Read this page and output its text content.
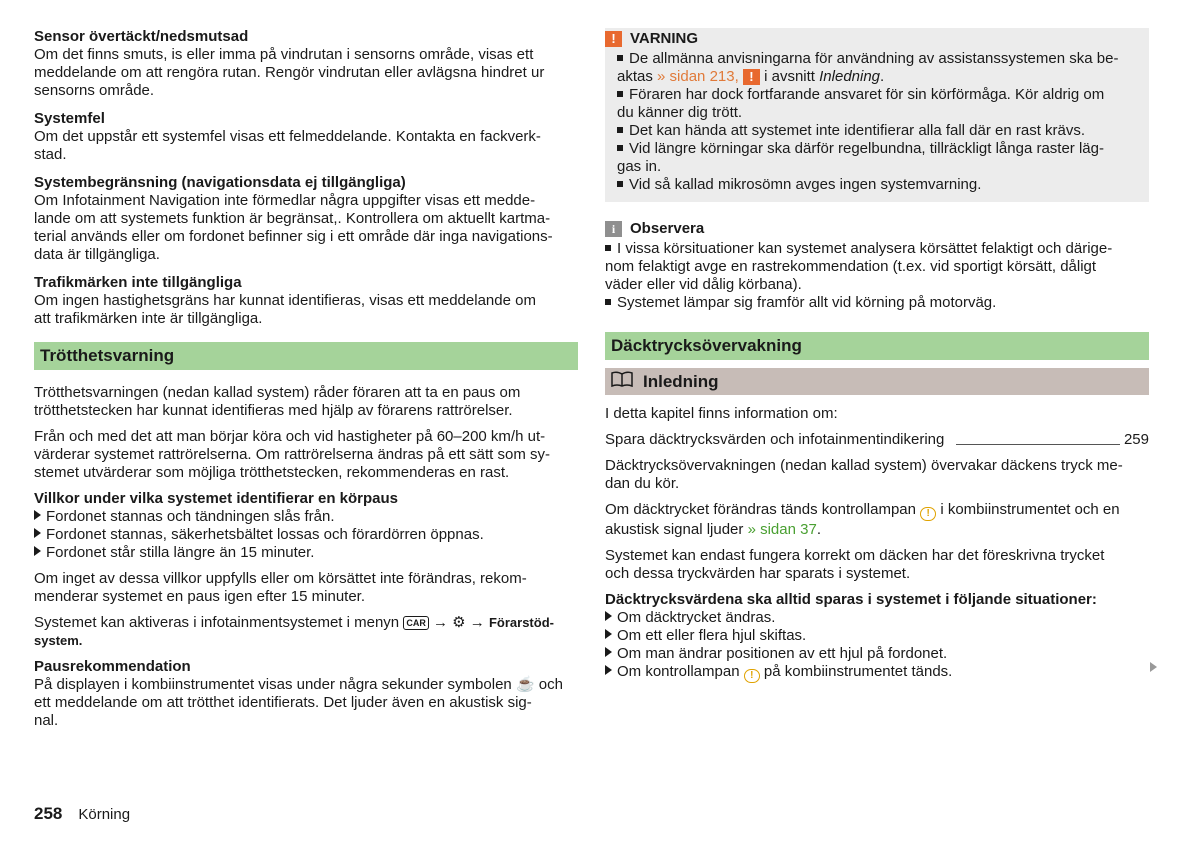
Sensor övertäckt/nedsmutsad

Om det finns smuts, is eller imma på vindrutan i sensorns område, visas ett

meddelande om att rengöra rutan. Rengör vindrutan eller avlägsna hindret ur

sensorns område.

Systemfel

Om det uppstår ett systemfel visas ett felmeddelande. Kontakta en fackverk-

stad.

Systembegränsning (navigationsdata ej tillgängliga)

Om Infotainment Navigation inte förmedlar några uppgifter visas ett medde-

lande om att systemets funktion är begränsat,. Kontrollera om aktuellt kartma-

terial används eller om fordonet befinner sig i ett område där inga navigations-

data är tillgängliga.

Trafikmärken inte tillgängliga

Om ingen hastighetsgräns har kunnat identifieras, visas ett meddelande om

att trafikmärken inte är tillgängliga.

Trötthetsvarning

Trötthetsvarningen (nedan kallad system) råder föraren att ta en paus om

trötthetstecken har kunnat identifieras med hjälp av förarens rattrörelser.

Från och med det att man börjar köra och vid hastigheter på 60–200 km/h ut-

värderar systemet rattrörelserna. Om rattrörelserna ändras på ett sätt som sy-

stemet utvärderar som möjliga trötthetstecken, rekommenderas en rast.

Villkor under vilka systemet identifierar en körpaus

Fordonet stannas och tändningen slås från.

Fordonet stannas, säkerhetsbältet lossas och förardörren öppnas.

Fordonet står stilla längre än 15 minuter.

Om inget av dessa villkor uppfylls eller om körsättet inte förändras, rekom-

menderar systemet en paus igen efter 15 minuter.

Systemet kan aktiveras i infotainmentsystemet i menyn CAR → ⚙ → Förarstöd-

system.

Pausrekommendation

På displayen i kombiinstrumentet visas under några sekunder symbolen ☕ och

ett meddelande om att trötthet identifierats. Det ljuder även en akustisk sig-

nal.

! VARNING

De allmänna anvisningarna för användning av assistanssystemen ska be-

aktas » sidan 213, ! i avsnitt Inledning.

Föraren har dock fortfarande ansvaret för sin körförmåga. Kör aldrig om

du känner dig trött.

Det kan hända att systemet inte identifierar alla fall där en rast krävs.

Vid längre körningar ska därför regelbundna, tillräckligt långa raster läg-

gas in.

Vid så kallad mikrosömn avges ingen systemvarning.

i Observera

I vissa körsituationer kan systemet analysera körsättet felaktigt och därige-

nom felaktigt avge en rastrekommendation (t.ex. vid sportigt körsätt, dåligt

väder eller vid dålig körbana).

Systemet lämpar sig framför allt vid körning på motorväg.

Däcktrycksövervakning
Inledning

I detta kapitel finns information om:

Spara däcktrycksvärden och infotainmentindikering	259

Däcktrycksövervakningen (nedan kallad system) övervakar däckens tryck me-

dan du kör.

Om däcktrycket förändras tänds kontrollampan ! i kombiinstrumentet och en

akustisk signal ljuder » sidan 37.

Systemet kan endast fungera korrekt om däcken har det föreskrivna trycket

och dessa tryckvärden har sparats i systemet.

Däcktrycksvärdena ska alltid sparas i systemet i följande situationer:

Om däcktrycket ändras.

Om ett eller flera hjul skiftas.

Om man ändrar positionen av ett hjul på fordonet.

Om kontrollampan ! på kombiinstrumentet tänds.

258 Körning
